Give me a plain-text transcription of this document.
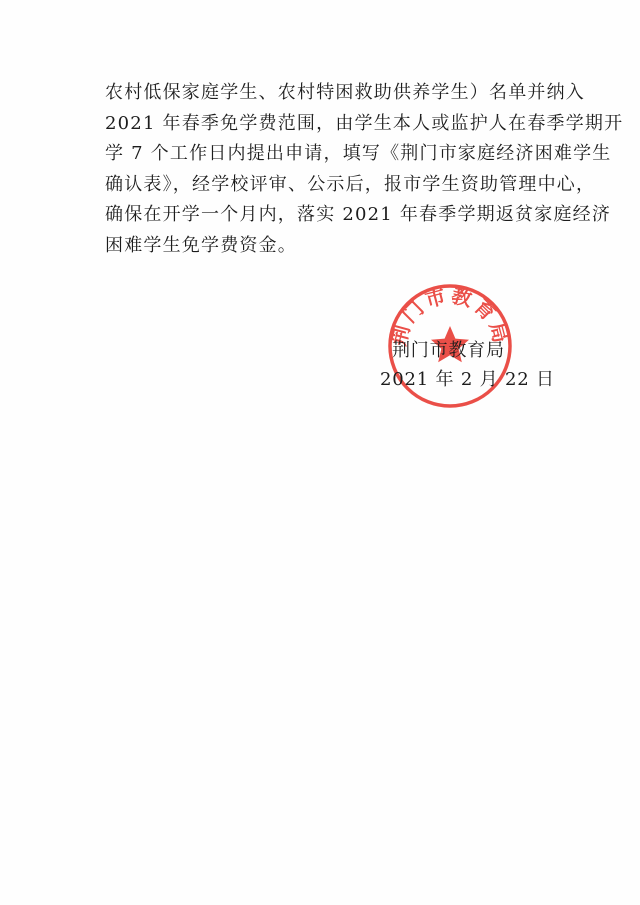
农村低保家庭学生、农村特困救助供养学生）名单并纳入
2021 年春季免学费范围，由学生本人或监护人在春季学期开
学 7 个工作日内提出申请，填写《荆门市家庭经济困难学生
确认表》，经学校评审、公示后，报市学生资助管理中心，
确保在开学一个月内，落实 2021 年春季学期返贫家庭经济
困难学生免学费资金。
荆门市教育局
荆门市教育局
2021 年 2 月 22 日
